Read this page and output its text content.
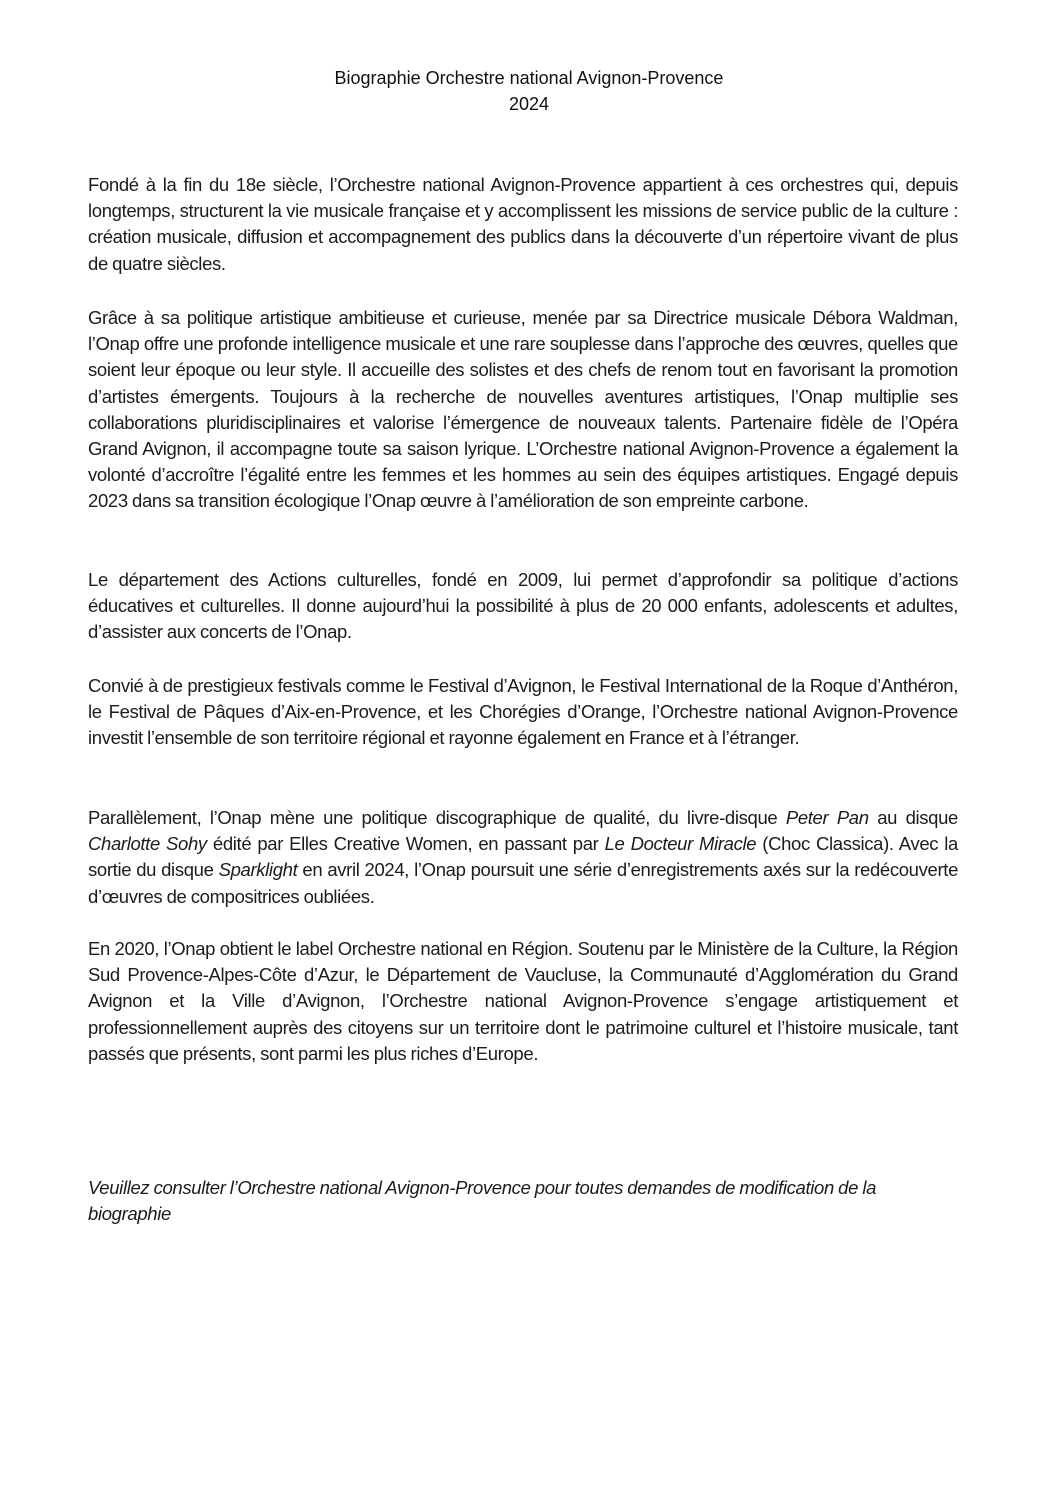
Biographie Orchestre national Avignon-Provence
2024

Fondé à la fin du 18e siècle, l’Orchestre national Avignon-Provence appartient à ces orchestres qui, depuis longtemps, structurent la vie musicale française et y accomplissent les missions de service public de la culture : création musicale, diffusion et accompagnement des publics dans la découverte d’un répertoire vivant de plus de quatre siècles.

Grâce à sa politique artistique ambitieuse et curieuse, menée par sa Directrice musicale Débora Waldman, l’Onap offre une profonde intelligence musicale et une rare souplesse dans l’approche des œuvres, quelles que soient leur époque ou leur style. Il accueille des solistes et des chefs de renom tout en favorisant la promotion d’artistes émergents. Toujours à la recherche de nouvelles aventures artistiques, l’Onap multiplie ses collaborations pluridisciplinaires et valorise l’émergence de nouveaux talents. Partenaire fidèle de l’Opéra Grand Avignon, il accompagne toute sa saison lyrique. L’Orchestre national Avignon-Provence a également la volonté d’accroître l’égalité entre les femmes et les hommes au sein des équipes artistiques. Engagé depuis 2023 dans sa transition écologique l’Onap œuvre à l’amélioration de son empreinte carbone.

Le département des Actions culturelles, fondé en 2009, lui permet d’approfondir sa politique d’actions éducatives et culturelles. Il donne aujourd’hui la possibilité à plus de 20 000 enfants, adolescents et adultes, d’assister aux concerts de l’Onap.

Convié à de prestigieux festivals comme le Festival d’Avignon, le Festival International de la Roque d’Anthéron, le Festival de Pâques d’Aix-en-Provence, et les Chorégies d’Orange, l’Orchestre national Avignon-Provence investit l’ensemble de son territoire régional et rayonne également en France et à l’étranger.

Parallèlement, l’Onap mène une politique discographique de qualité, du livre-disque Peter Pan au disque Charlotte Sohy édité par Elles Creative Women, en passant par Le Docteur Miracle (Choc Classica). Avec la sortie du disque Sparklight en avril 2024, l’Onap poursuit une série d’enregistrements axés sur la redécouverte d’œuvres de compositrices oubliées.

En 2020, l’Onap obtient le label Orchestre national en Région. Soutenu par le Ministère de la Culture, la Région Sud Provence-Alpes-Côte d’Azur, le Département de Vaucluse, la Communauté d’Agglomération du Grand Avignon et la Ville d’Avignon, l’Orchestre national Avignon-Provence s’engage artistiquement et professionnellement auprès des citoyens sur un territoire dont le patrimoine culturel et l’histoire musicale, tant passés que présents, sont parmi les plus riches d’Europe.

Veuillez consulter l’Orchestre national Avignon-Provence pour toutes demandes de modification de la biographie
